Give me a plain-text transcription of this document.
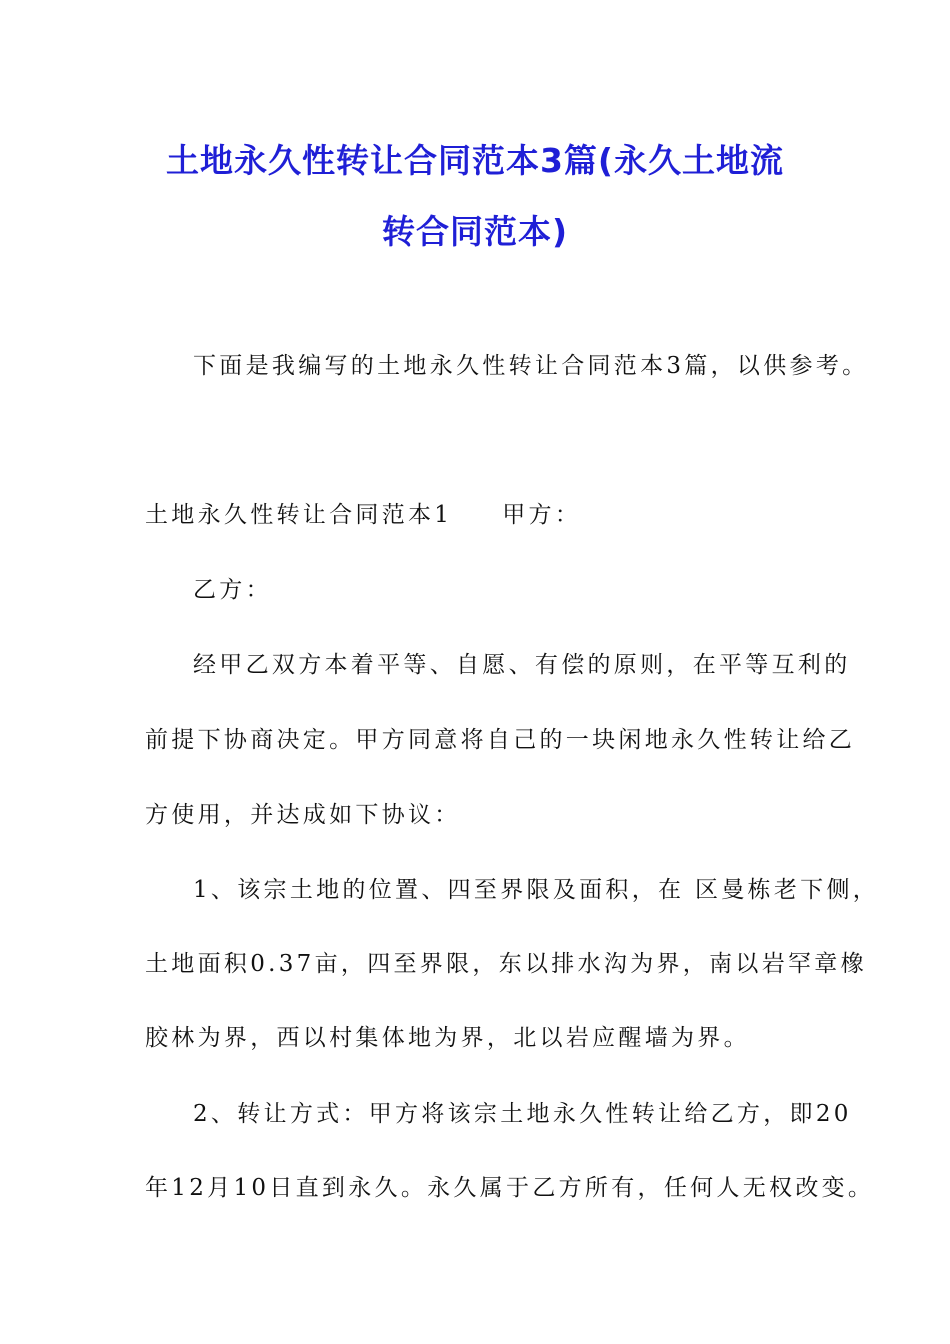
土地永久性转让合同范本3篇(永久土地流
转合同范本)
下面是我编写的土地永久性转让合同范本3篇，以供参考。
土地永久性转让合同范本1 甲方：
乙方：
经甲乙双方本着平等、自愿、有偿的原则，在平等互利的
前提下协商决定。甲方同意将自己的一块闲地永久性转让给乙
方使用，并达成如下协议：
1、该宗土地的位置、四至界限及面积，在 区曼栋老下侧，
土地面积0.37亩，四至界限，东以排水沟为界，南以岩罕章橡
胶林为界，西以村集体地为界，北以岩应醒墙为界。
2、转让方式：甲方将该宗土地永久性转让给乙方，即20
年12月10日直到永久。永久属于乙方所有，任何人无权改变。
